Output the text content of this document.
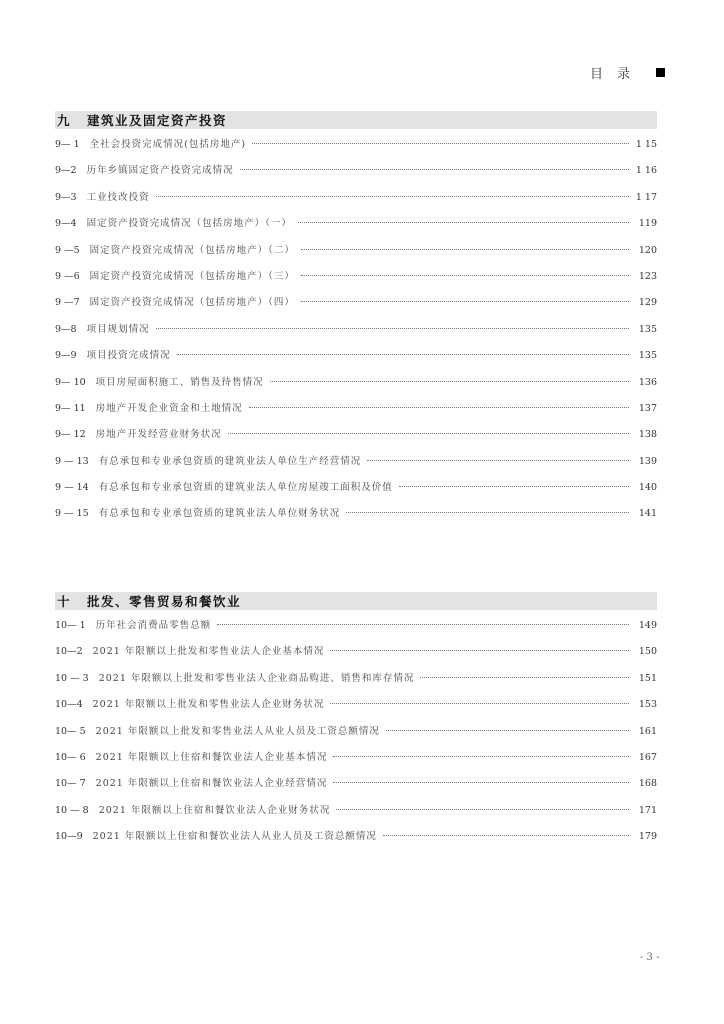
目录
九	建筑业及固定资产投资
9— 1 全社会投资完成情况(包括房地产)	1 15
9—2 历年乡镇固定资产投资完成情况	1 16
9—3 工业技改投资	1 17
9—4 固定资产投资完成情况（包括房地产）（一）	119
9 —5 固定资产投资完成情况（包括房地产）（二）	120
9 —6 固定资产投资完成情况（包括房地产）（三）	123
9 —7 固定资产投资完成情况（包括房地产）（四）	129
9—8 项目规划情况	135
9—9 项目投资完成情况	135
9— 10 项目房屋面积施工、销售及待售情况	136
9— 11 房地产开发企业资金和土地情况	137
9— 12 房地产开发经营业财务状况	138
9 — 13 有总承包和专业承包资质的建筑业法人单位生产经营情况	139
9 — 14 有总承包和专业承包资质的建筑业法人单位房屋竣工面积及价值	140
9 — 15 有总承包和专业承包资质的建筑业法人单位财务状况	141
十	批发、零售贸易和餐饮业
10— 1 历年社会消费品零售总额	149
10—2 2021 年限额以上批发和零售业法人企业基本情况	150
10 — 3 2021 年限额以上批发和零售业法人企业商品购进、销售和库存情况	151
10—4 2021 年限额以上批发和零售业法人企业财务状况	153
10— 5 2021 年限额以上批发和零售业法人从业人员及工资总额情况	161
10— 6 2021 年限额以上住宿和餐饮业法人企业基本情况	167
10— 7 2021 年限额以上住宿和餐饮业法人企业经营情况	168
10 — 8 2021 年限额以上住宿和餐饮业法人企业财务状况	171
10—9 2021 年限额以上住宿和餐饮业法人从业人员及工资总额情况	179
- 3 -
